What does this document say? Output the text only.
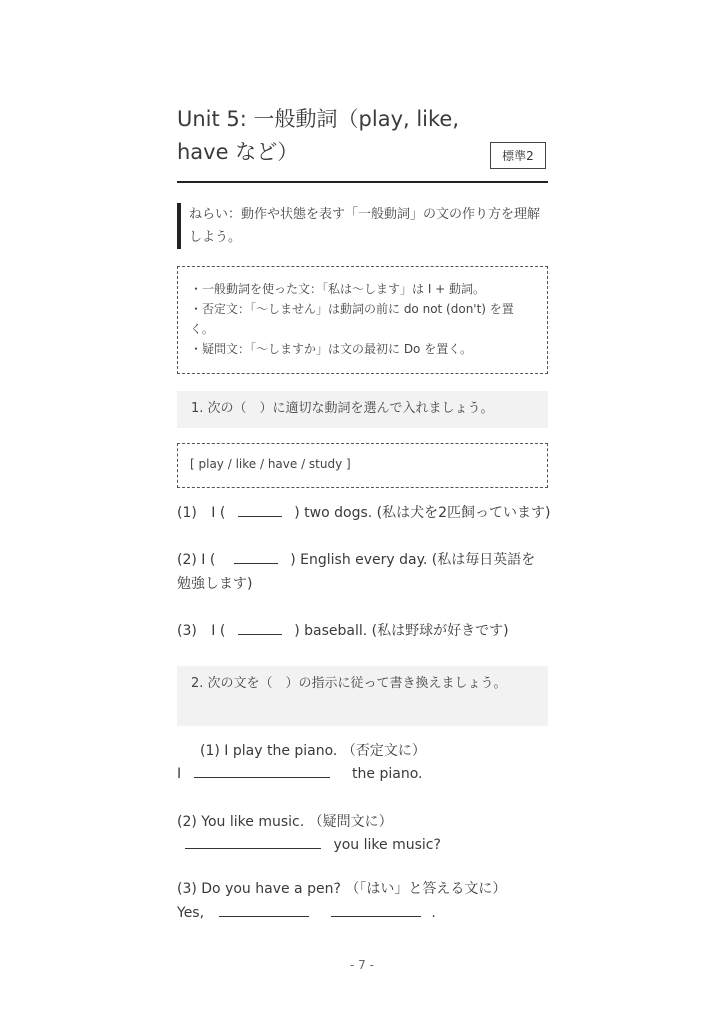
Unit 5: 一般動詞（play, like,
have など）	標準2
ねらい：動作や状態を表す「一般動詞」の文の作り方を理解しよう。
・一般動詞を使った文：「私は〜します」は I + 動詞。
・否定文：「〜しません」は動詞の前に do not (don't) を置く。
・疑問文：「〜しますか」は文の最初に Do を置く。
1. 次の（　）に適切な動詞を選んで入れましょう。
[ play / like / have / study ]
(1) I (	) two dogs. (私は犬を2匹飼っています)
(2) I (	) English every day. (私は毎日英語を勉強します)
(3) I (	) baseball. (私は野球が好きです)
2. 次の文を（　）の指示に従って書き換えましょう。
(1) I play the piano. （否定文に）
I	the piano.
(2) You like music. （疑問文に）
you like music?
(3) Do you have a pen? （「はい」と答える文に）
Yes,	.
- 7 -
